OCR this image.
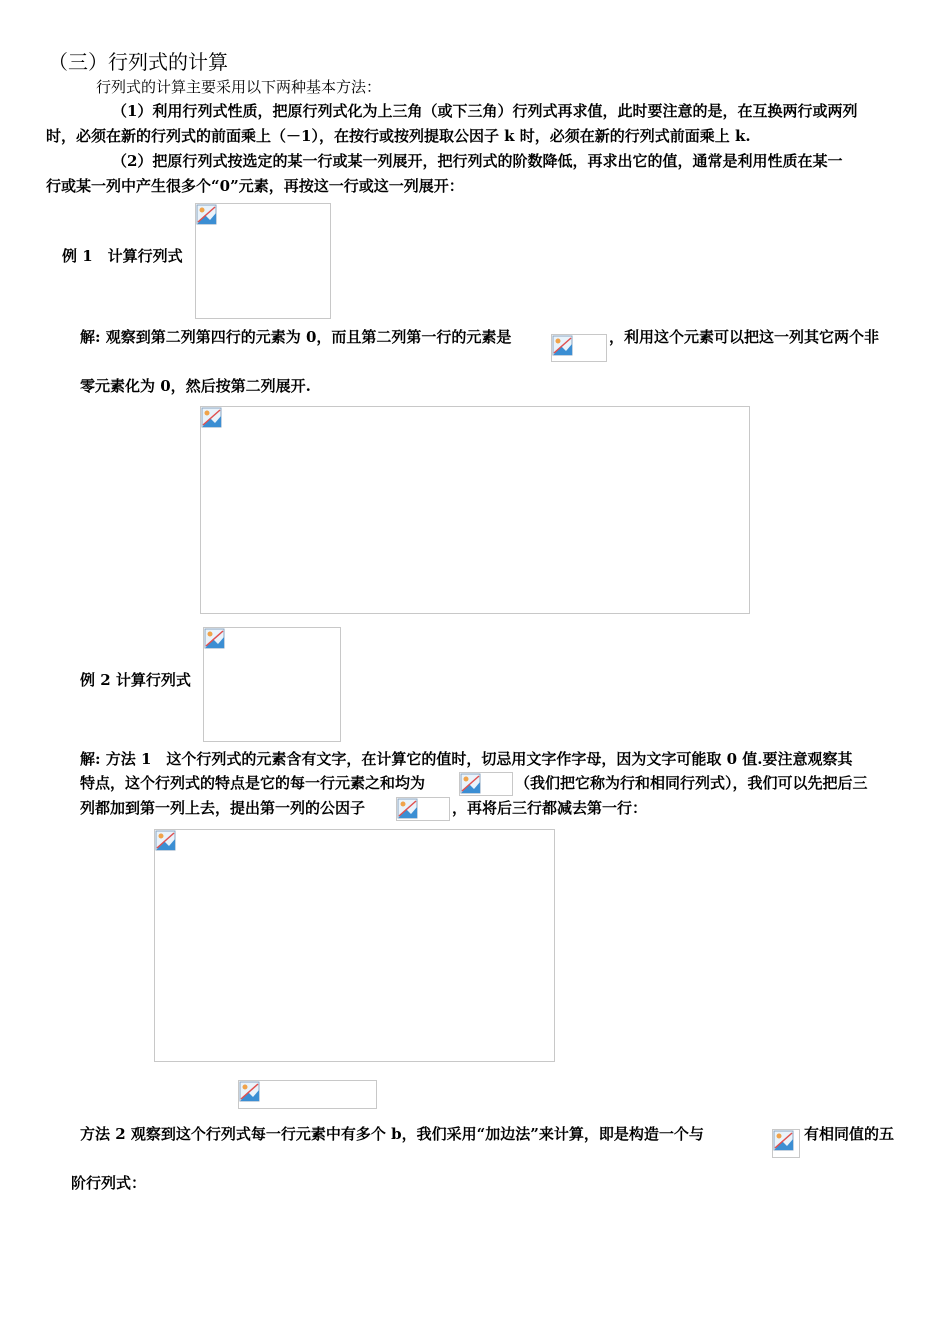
（三）行列式的计算
行列式的计算主要采用以下两种基本方法：
（1）利用行列式性质，把原行列式化为上三角（或下三角）行列式再求值，此时要注意的是，在互换两行或两列
时，必须在新的行列式的前面乘上（－1），在按行或按列提取公因子 k 时，必须在新的行列式前面乘上 k.
（2）把原行列式按选定的某一行或某一列展开，把行列式的阶数降低，再求出它的值，通常是利用性质在某一
行或某一列中产生很多个“0”元素，再按这一行或这一列展开：
例 1　计算行列式
解: 观察到第二列第四行的元素为 0，而且第二列第一行的元素是	，利用这个元素可以把这一列其它两个非
零元素化为 0，然后按第二列展开.
例 2 计算行列式
解: 方法 1　这个行列式的元素含有文字，在计算它的值时，切忌用文字作字母，因为文字可能取 0 值.要注意观察其
特点，这个行列式的特点是它的每一行元素之和均为	（我们把它称为行和相同行列式），我们可以先把后三
列都加到第一列上去，提出第一列的公因子	，再将后三行都减去第一行：
方法 2 观察到这个行列式每一行元素中有多个 b，我们采用“加边法”来计算，即是构造一个与	有相同值的五
阶行列式：
